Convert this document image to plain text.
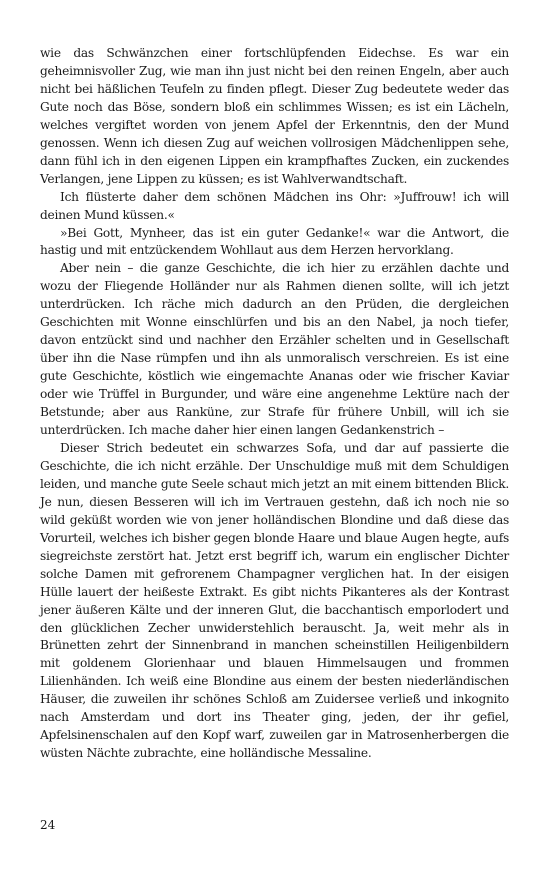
wie das Schwänzchen einer fortschlüpfenden Eidechse. Es war ein geheimnisvoller Zug, wie man ihn just nicht bei den reinen Engeln, aber auch nicht bei häßlichen Teufeln zu finden pflegt. Dieser Zug bedeutete weder das Gute noch das Böse, sondern bloß ein schlimmes Wissen; es ist ein Lächeln, welches vergiftet worden von jenem Apfel der Erkenntnis, den der Mund genossen. Wenn ich diesen Zug auf weichen vollrosigen Mädchenlippen sehe, dann fühl ich in den eigenen Lippen ein krampfhaftes Zucken, ein zuckendes Verlangen, jene Lippen zu küssen; es ist Wahlverwandtschaft.

Ich flüsterte daher dem schönen Mädchen ins Ohr: »Juffrouw! ich will deinen Mund küssen.«

»Bei Gott, Mynheer, das ist ein guter Gedanke!« war die Antwort, die hastig und mit entzückendem Wohllaut aus dem Herzen hervorklang.

Aber nein – die ganze Geschichte, die ich hier zu erzählen dachte und wozu der Fliegende Holländer nur als Rahmen dienen sollte, will ich jetzt unterdrücken. Ich räche mich dadurch an den Prüden, die dergleichen Geschichten mit Wonne einschlürfen und bis an den Nabel, ja noch tiefer, davon entzückt sind und nachher den Erzähler schelten und in Gesellschaft über ihn die Nase rümpfen und ihn als unmoralisch verschreien. Es ist eine gute Geschichte, köstlich wie eingemachte Ananas oder wie frischer Kaviar oder wie Trüffel in Burgunder, und wäre eine angenehme Lektüre nach der Betstunde; aber aus Rankünе, zur Strafe für frühere Unbill, will ich sie unterdrücken. Ich mache daher hier einen langen Gedankenstrich –

Dieser Strich bedeutet ein schwarzes Sofa, und dar auf passierte die Geschichte, die ich nicht erzähle. Der Unschuldige muß mit dem Schuldigen leiden, und manche gute Seele schaut mich jetzt an mit einem bittenden Blick. Je nun, diesen Besseren will ich im Vertrauen gestehn, daß ich noch nie so wild geküßt worden wie von jener holländischen Blondine und daß diese das Vorurteil, welches ich bisher gegen blonde Haare und blaue Augen hegte, aufs siegreichste zerstört hat. Jetzt erst begriff ich, warum ein englischer Dichter solche Damen mit gefrorenem Champagner verglichen hat. In der eisigen Hülle lauert der heißeste Extrakt. Es gibt nichts Pikanteres als der Kontrast jener äußeren Kälte und der inneren Glut, die bacchantisch emporlodert und den glücklichen Zecher unwiderstehlich berauscht. Ja, weit mehr als in Brünetten zehrt der Sinnenbrand in manchen scheinstillen Heiligenbildern mit goldenem Glorienhaar und blauen Himmelsaugen und frommen Lilienhänden. Ich weiß eine Blondine aus einem der besten niederländischen Häuser, die zuweilen ihr schönes Schloß am Zuidersee verließ und inkognito nach Amsterdam und dort ins Theater ging, jeden, der ihr gefiel, Apfelsinenschalen auf den Kopf warf, zuweilen gar in Matrosenherbergen die wüsten Nächte zubrachte, eine holländische Messaline.

24
